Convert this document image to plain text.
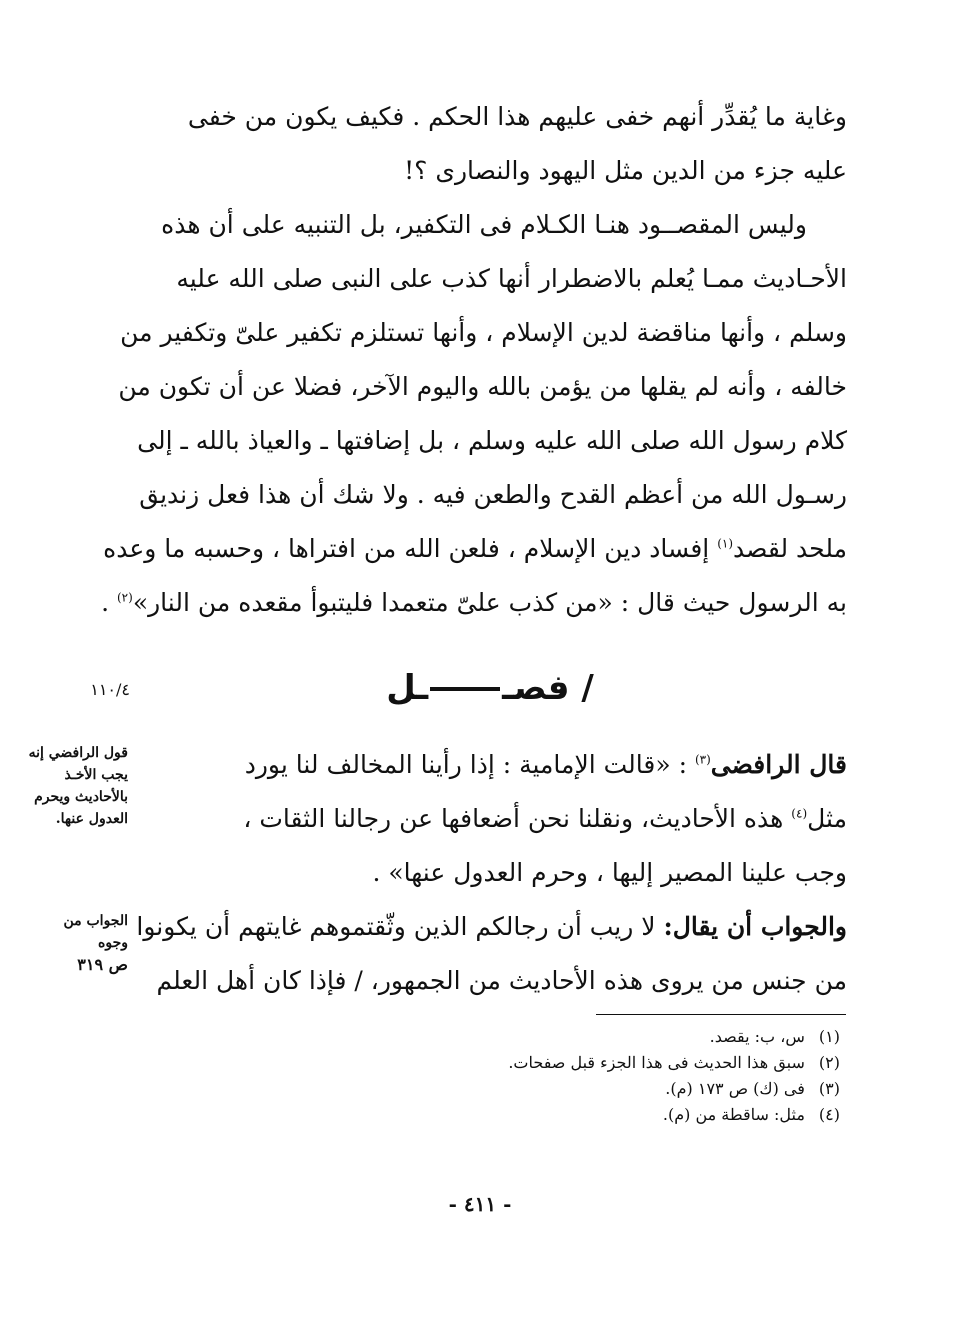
وغاية ما يُقدِّر أنهم خفى عليهم هذا الحكم . فكيف يكون من خفى
عليه جزء من الدين مثل اليهود والنصارى ؟!
وليس المقصــود هنـا الكـلام فى التكفير، بل التنبيه على أن هذه
الأحـاديث ممـا يُعلم بالاضطرار أنها كذب على النبى صلى الله عليه
وسلم ، وأنها مناقضة لدين الإسلام ، وأنها تستلزم تكفير علىّ وتكفير من
خالفه ، وأنه لم يقلها من يؤمن بالله واليوم الآخر، فضلا عن أن تكون من
كلام رسول الله صلى الله عليه وسلم ، بل إضافتها ـ والعياذ بالله ـ إلى
رسـول الله من أعظم القدح والطعن فيه . ولا شك أن هذا فعل زنديق
ملحد لقصد$^{(١)}$ إفساد دين الإسلام ، فلعن الله من افتراها ، وحسبه ما وعده
به الرسول حيث قال : «من كذب علىّ متعمدا فليتبوأ مقعده من النار»$^{(٢)}$ .
١١٠/٤	/ فصــل
قول الرافضي إنه
يجب الأخـذ
بالأحاديث ويحرم
العدول عنها.
الجواب من
وجوه
ص ٣١٩
قال الرافضى$^{(٣)}$ : «قالت الإمامية : إذا رأينا المخالف لنا يورد
مثل$^{(٤)}$ هذه الأحاديث، ونقلنا نحن أضعافها عن رجالنا الثقات ،
وجب علينا المصير إليها ، وحرم العدول عنها» .
والجواب أن يقال: لا ريب أن رجالكم الذين وثّقتموهم غايتهم أن يكونوا
من جنس من يروى هذه الأحاديث من الجمهور، / فإذا كان أهل العلم
(١) س، ب: يقصد.
(٢) سبق هذا الحديث فى هذا الجزء قبل صفحات.
(٣) فى (ك) ص ١٧٣ (م).
(٤) مثل: ساقطة من (م).
- ٤١١ -
